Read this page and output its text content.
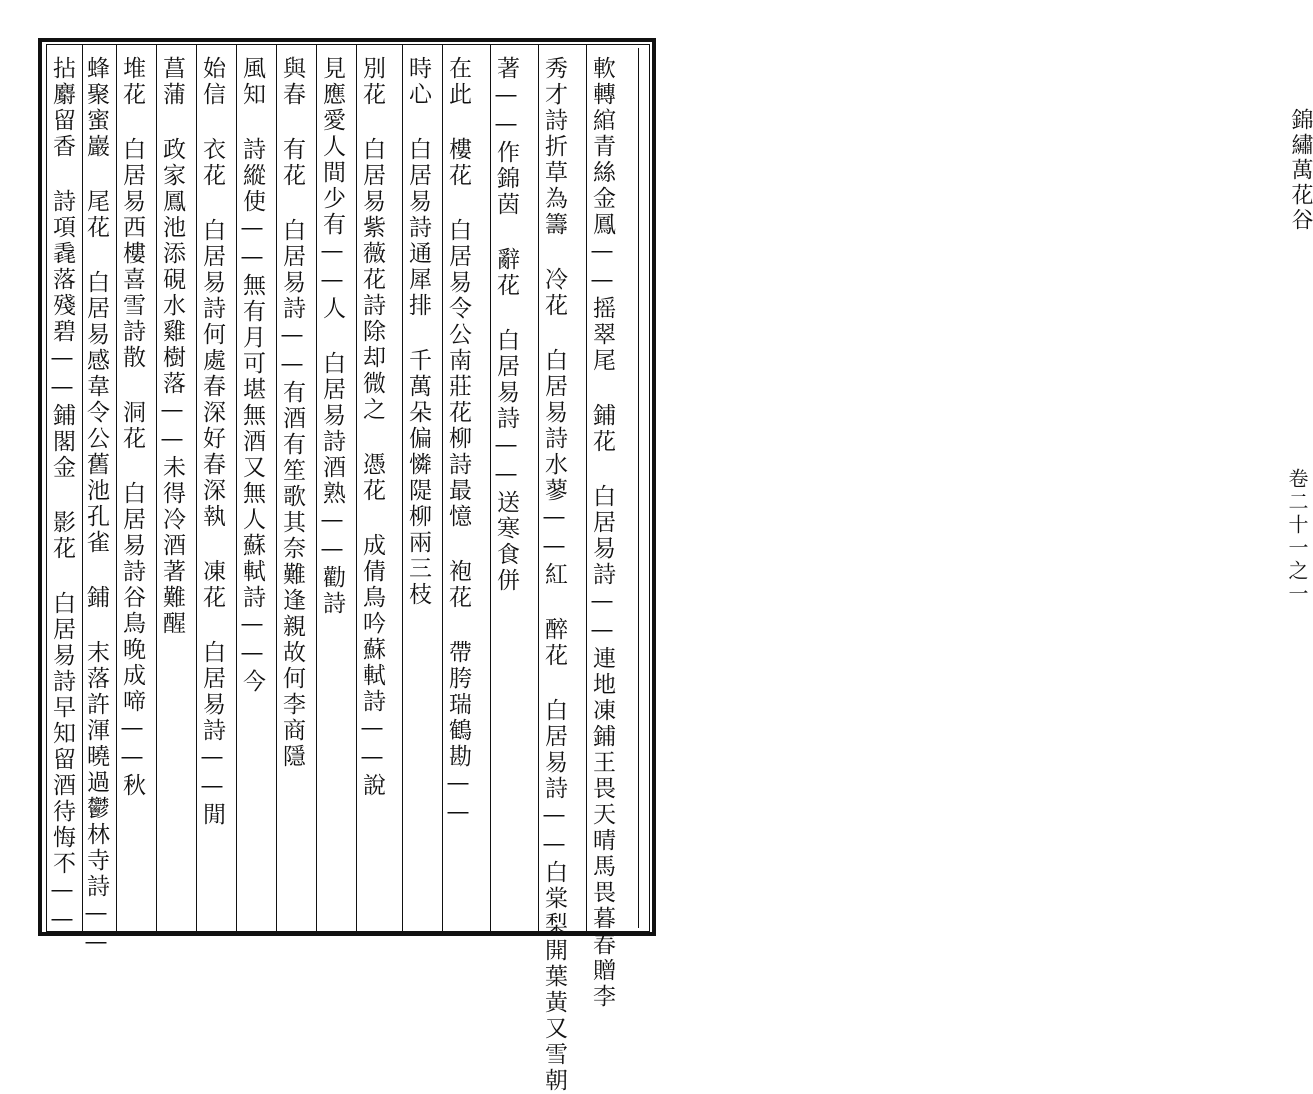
錦繡萬花谷
卷二十一之一
軟轉綰青絲金鳳——摇翠尾 鋪花 白居易詩——連地凍鋪王畏天晴馬畏暮春贈李
秀才詩折草為籌 冷花 白居易詩水蓼——紅 醉花 白居易詩——白棠梨開葉黃又雪朝
著——作錦茵 辭花 白居易詩——送寒食併
在此 樓花 白居易令公南莊花柳詩最憶 袍花 帶胯瑞鶴勘——
時心 白居易詩通犀排 千萬朵偏憐隄柳兩三枝
別花 白居易紫薇花詩除却微之 憑花 成倩鳥吟蘇軾詩——說
見應愛人間少有——人 白居易詩酒熟——勸詩
與春 有花 白居易詩——有酒有笙歌其奈難逢親故何李商隱
風知 詩縱使——無有月可堪無酒又無人蘇軾詩——今
始信 衣花 白居易詩何處春深好春深執 凍花 白居易詩——閒
菖蒲 政家鳳池添硯水雞樹落——未得冷酒著難醒
堆花 白居易西樓喜雪詩散 洞花 白居易詩谷鳥晚成啼——秋
蜂聚蜜巖 尾花 白居易感韋令公舊池孔雀 鋪 末落許渾曉過鬱林寺詩——
拈麝留香 詩項毳落殘碧——鋪閣金 影花 白居易詩早知留酒待悔不——
